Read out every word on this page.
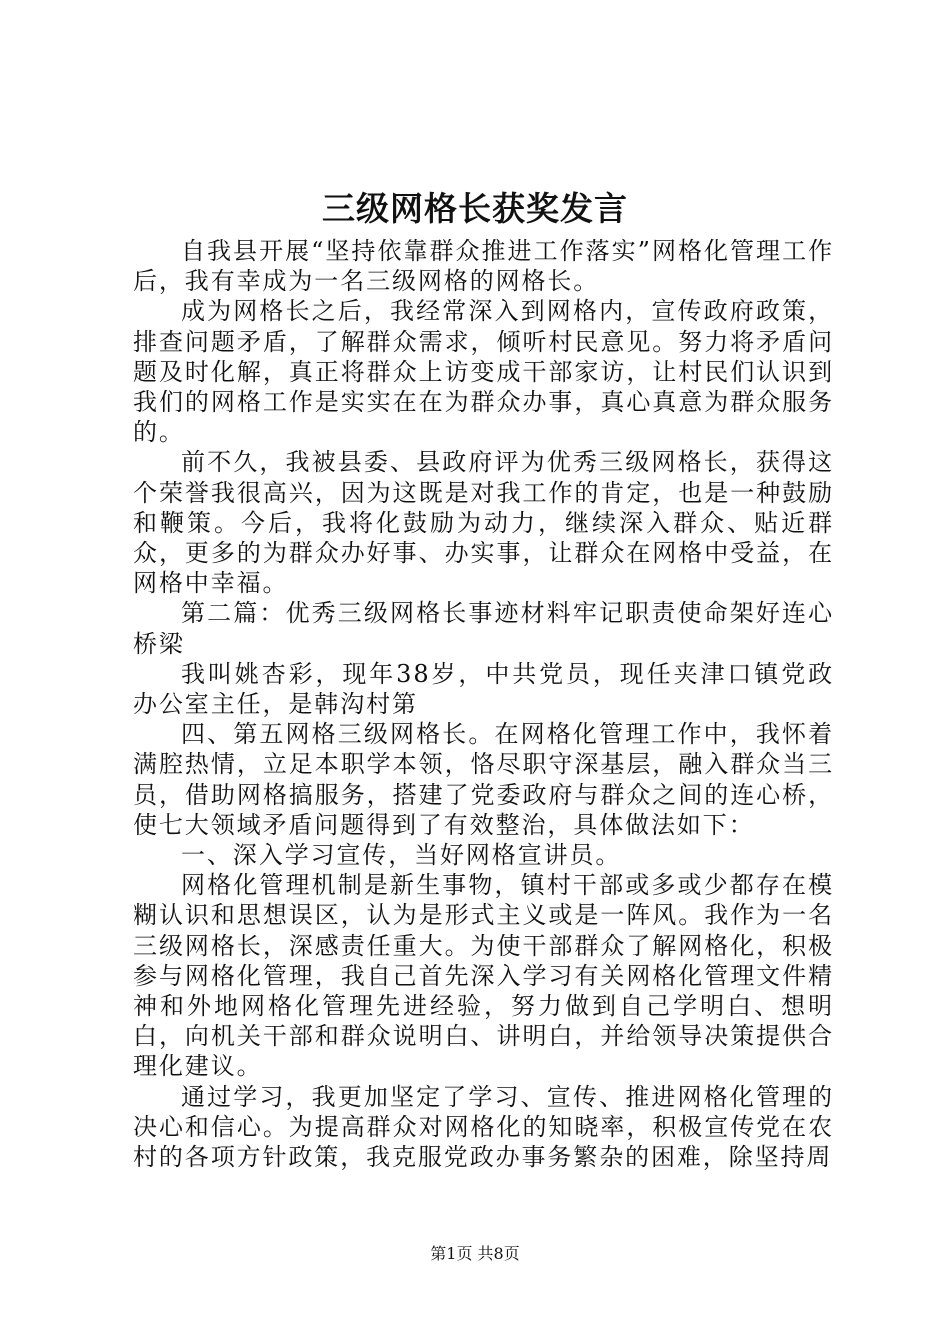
三级网格长获奖发言

自我县开展“坚持依靠群众推进工作落实”网格化管理工作后，我有幸成为一名三级网格的网格长。

成为网格长之后，我经常深入到网格内，宣传政府政策，排查问题矛盾，了解群众需求，倾听村民意见。努力将矛盾问题及时化解，真正将群众上访变成干部家访，让村民们认识到我们的网格工作是实实在在为群众办事，真心真意为群众服务的。

前不久，我被县委、县政府评为优秀三级网格长，获得这个荣誉我很高兴，因为这既是对我工作的肯定，也是一种鼓励和鞭策。今后，我将化鼓励为动力，继续深入群众、贴近群众，更多的为群众办好事、办实事，让群众在网格中受益，在网格中幸福。

第二篇：优秀三级网格长事迹材料牢记职责使命架好连心桥梁

我叫姚杏彩，现年38岁，中共党员，现任夹津口镇党政办公室主任，是韩沟村第

四、第五网格三级网格长。在网格化管理工作中，我怀着满腔热情，立足本职学本领，恪尽职守深基层，融入群众当三员，借助网格搞服务，搭建了党委政府与群众之间的连心桥，使七大领域矛盾问题得到了有效整治，具体做法如下：

一、深入学习宣传，当好网格宣讲员。

网格化管理机制是新生事物，镇村干部或多或少都存在模糊认识和思想误区，认为是形式主义或是一阵风。我作为一名三级网格长，深感责任重大。为使干部群众了解网格化，积极参与网格化管理，我自己首先深入学习有关网格化管理文件精神和外地网格化管理先进经验，努力做到自己学明白、想明白，向机关干部和群众说明白、讲明白，并给领导决策提供合理化建议。

通过学习，我更加坚定了学习、宣传、推进网格化管理的决心和信心。为提高群众对网格化的知晓率，积极宣传党在农村的各项方针政策，我克服党政办事务繁杂的困难，除坚持周

第1页 共8页
